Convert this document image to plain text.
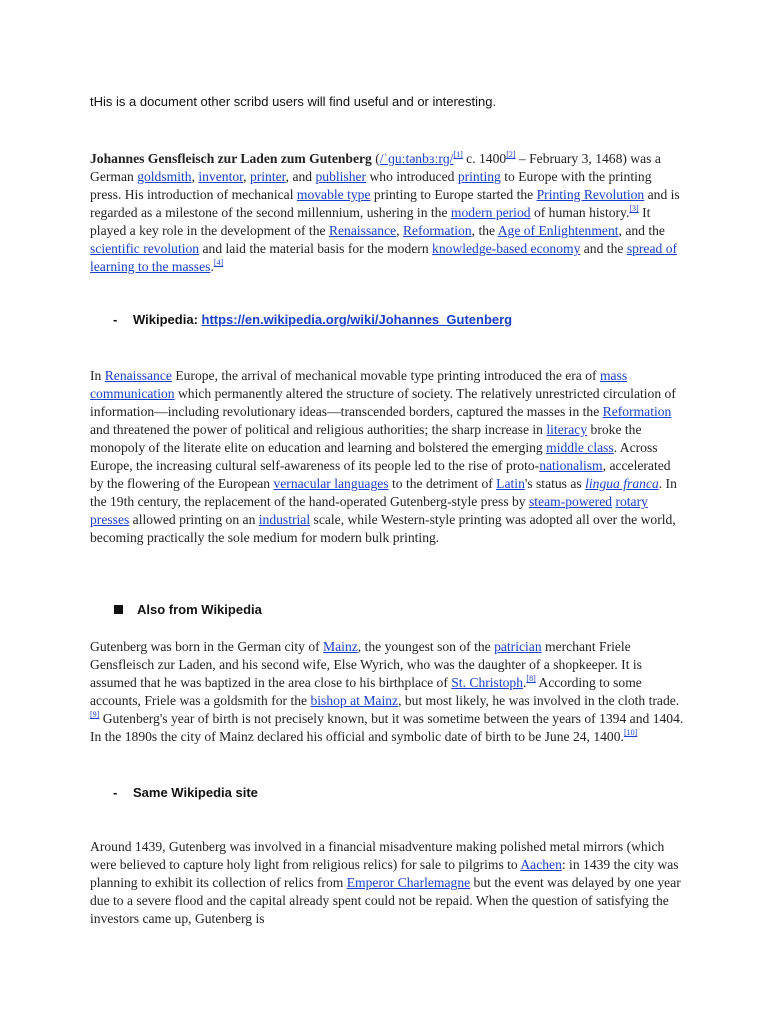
tHis is a document other scribd users will find useful and or interesting.
Johannes Gensfleisch zur Laden zum Gutenberg (/ˈɡuːtənbɜːrɡ/[1] c. 1400[2] – February 3, 1468) was a German goldsmith, inventor, printer, and publisher who introduced printing to Europe with the printing press. His introduction of mechanical movable type printing to Europe started the Printing Revolution and is regarded as a milestone of the second millennium, ushering in the modern period of human history.[3] It played a key role in the development of the Renaissance, Reformation, the Age of Enlightenment, and the scientific revolution and laid the material basis for the modern knowledge-based economy and the spread of learning to the masses.[4]
- Wikipedia: https://en.wikipedia.org/wiki/Johannes_Gutenberg
In Renaissance Europe, the arrival of mechanical movable type printing introduced the era of mass communication which permanently altered the structure of society. The relatively unrestricted circulation of information—including revolutionary ideas—transcended borders, captured the masses in the Reformation and threatened the power of political and religious authorities; the sharp increase in literacy broke the monopoly of the literate elite on education and learning and bolstered the emerging middle class. Across Europe, the increasing cultural self-awareness of its people led to the rise of proto-nationalism, accelerated by the flowering of the European vernacular languages to the detriment of Latin's status as lingua franca. In the 19th century, the replacement of the hand-operated Gutenberg-style press by steam-powered rotary presses allowed printing on an industrial scale, while Western-style printing was adopted all over the world, becoming practically the sole medium for modern bulk printing.
Also from Wikipedia
Gutenberg was born in the German city of Mainz, the youngest son of the patrician merchant Friele Gensfleisch zur Laden, and his second wife, Else Wyrich, who was the daughter of a shopkeeper. It is assumed that he was baptized in the area close to his birthplace of St. Christoph.[8] According to some accounts, Friele was a goldsmith for the bishop at Mainz, but most likely, he was involved in the cloth trade.[9] Gutenberg's year of birth is not precisely known, but it was sometime between the years of 1394 and 1404. In the 1890s the city of Mainz declared his official and symbolic date of birth to be June 24, 1400.[10]
- Same Wikipedia site
Around 1439, Gutenberg was involved in a financial misadventure making polished metal mirrors (which were believed to capture holy light from religious relics) for sale to pilgrims to Aachen: in 1439 the city was planning to exhibit its collection of relics from Emperor Charlemagne but the event was delayed by one year due to a severe flood and the capital already spent could not be repaid. When the question of satisfying the investors came up, Gutenberg is
